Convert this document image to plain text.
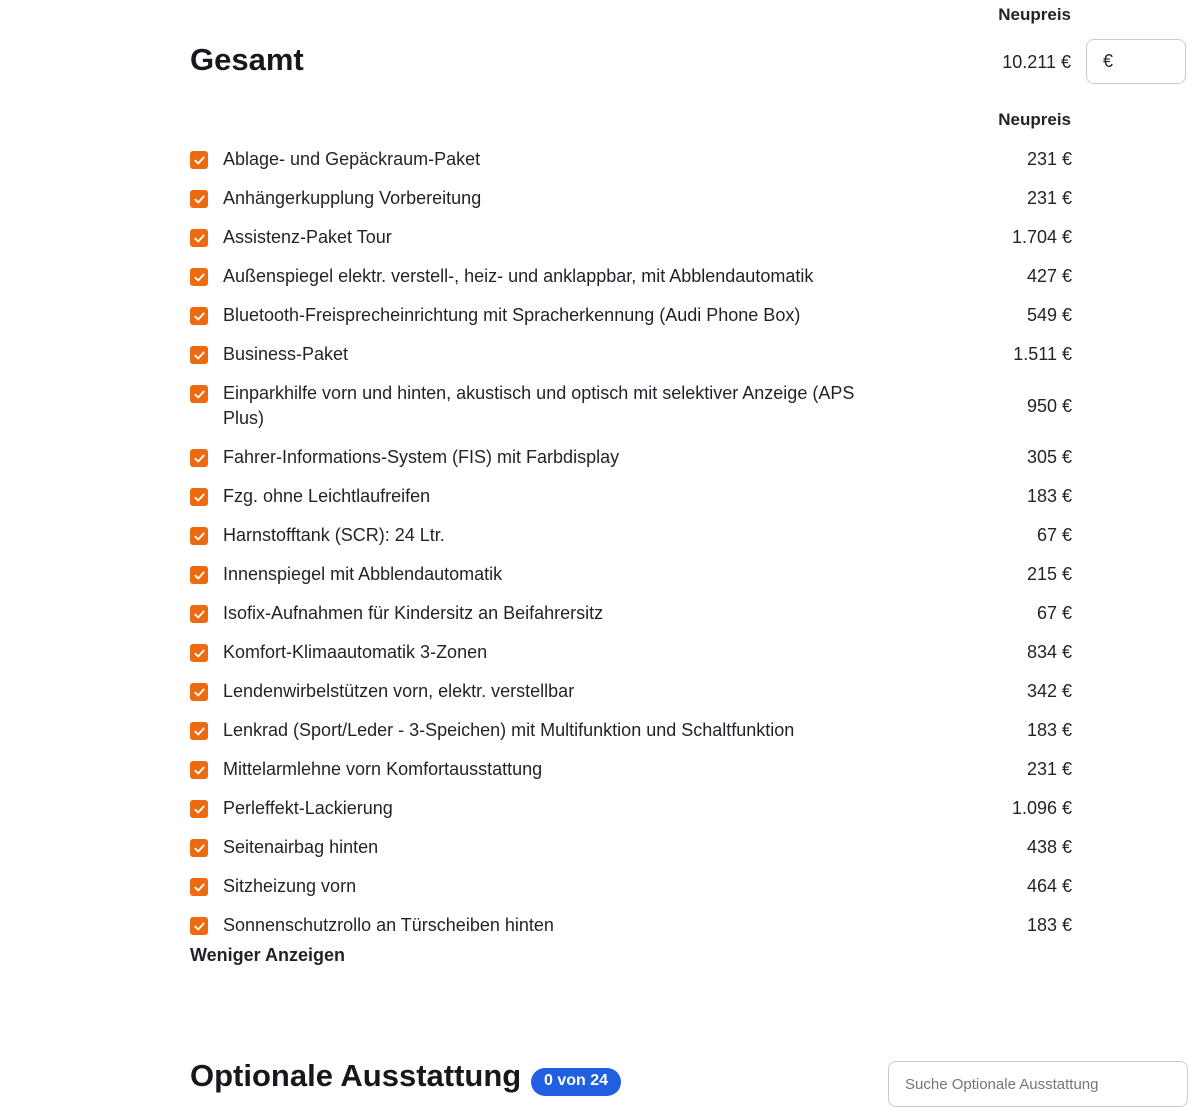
Neupreis
Gesamt	10.211 € €
Neupreis
Ablage- und Gepäckraum-Paket	231 €
Anhängerkupplung Vorbereitung	231 €
Assistenz-Paket Tour	1.704 €
Außenspiegel elektr. verstell-, heiz- und anklappbar, mit Abblendautomatik	427 €
Bluetooth-Freisprecheinrichtung mit Spracherkennung (Audi Phone Box)	549 €
Business-Paket	1.511 €
Einparkhilfe vorn und hinten, akustisch und optisch mit selektiver Anzeige (APS Plus)
950 €
Fahrer-Informations-System (FIS) mit Farbdisplay	305 €
Fzg. ohne Leichtlaufreifen	183 €
Harnstofftank (SCR): 24 Ltr.	67 €
Innenspiegel mit Abblendautomatik	215 €
Isofix-Aufnahmen für Kindersitz an Beifahrersitz	67 €
Komfort-Klimaautomatik 3-Zonen	834 €
Lendenwirbelstützen vorn, elektr. verstellbar	342 €
Lenkrad (Sport/Leder - 3-Speichen) mit Multifunktion und Schaltfunktion	183 €
Mittelarmlehne vorn Komfortausstattung	231 €
Perleffekt-Lackierung	1.096 €
Seitenairbag hinten	438 €
Sitzheizung vorn	464 €
Sonnenschutzrollo an Türscheiben hinten	183 €
Weniger Anzeigen
Optionale Ausstattung	0 von 24
Suche Optionale Ausstattung
